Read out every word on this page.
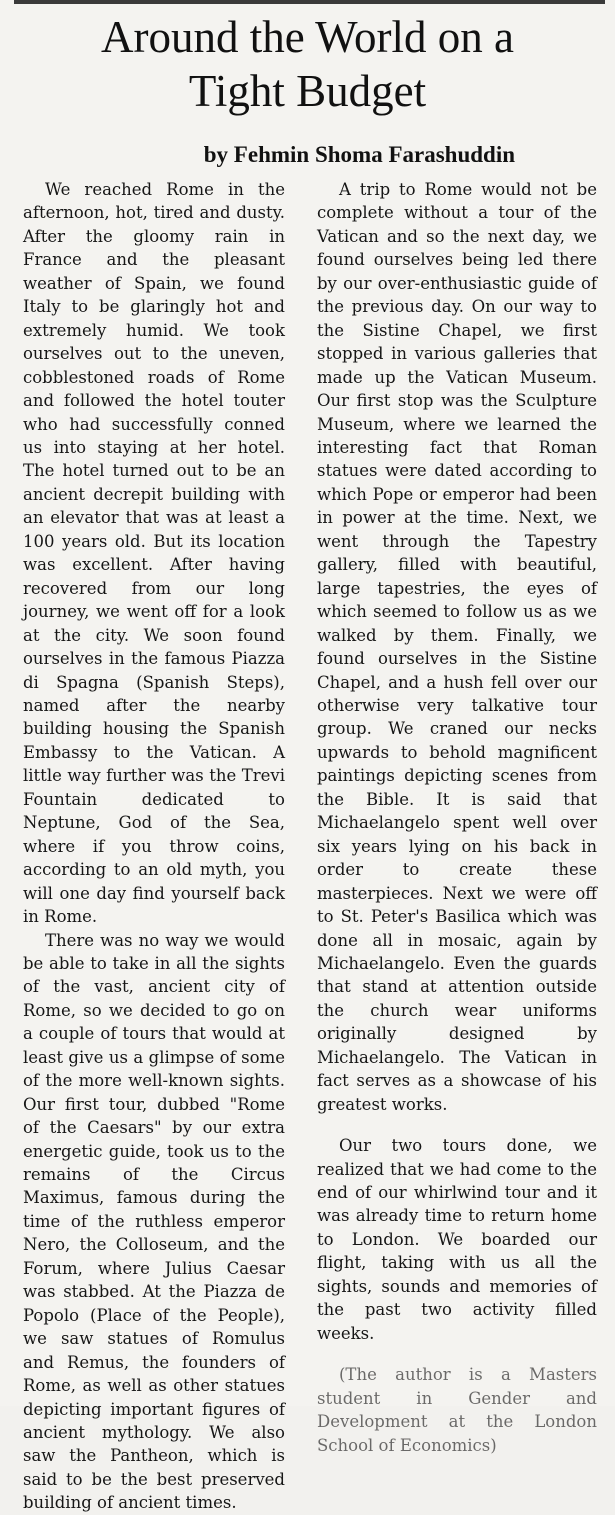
Around the World on a
Tight Budget
by Fehmin Shoma Farashuddin

We reached Rome in the afternoon, hot, tired and dusty. After the gloomy rain in France and the pleasant weather of Spain, we found Italy to be glaringly hot and extremely humid. We took ourselves out to the uneven, cobblestoned roads of Rome and followed the hotel touter who had successfully conned us into staying at her hotel. The hotel turned out to be an ancient decrepit building with an elevator that was at least a 100 years old. But its location was excellent. After having recovered from our long journey, we went off for a look at the city. We soon found ourselves in the famous Piazza di Spagna (Spanish Steps), named after the nearby building housing the Spanish Embassy to the Vatican. A little way further was the Trevi Fountain dedicated to Neptune, God of the Sea, where if you throw coins, according to an old myth, you will one day find yourself back in Rome.

There was no way we would be able to take in all the sights of the vast, ancient city of Rome, so we decided to go on a couple of tours that would at least give us a glimpse of some of the more well-known sights. Our first tour, dubbed "Rome of the Caesars" by our extra energetic guide, took us to the remains of the Circus Maximus, famous during the time of the ruthless emperor Nero, the Colloseum, and the Forum, where Julius Caesar was stabbed. At the Piazza de Popolo (Place of the People), we saw statues of Romulus and Remus, the founders of Rome, as well as other statues depicting important figures of ancient mythology. We also saw the Pantheon, which is said to be the best preserved building of ancient times.

A trip to Rome would not be complete without a tour of the Vatican and so the next day, we found ourselves being led there by our over-enthusiastic guide of the previous day. On our way to the Sistine Chapel, we first stopped in various galleries that made up the Vatican Museum. Our first stop was the Sculpture Museum, where we learned the interesting fact that Roman statues were dated according to which Pope or emperor had been in power at the time. Next, we went through the Tapestry gallery, filled with beautiful, large tapestries, the eyes of which seemed to follow us as we walked by them. Finally, we found ourselves in the Sistine Chapel, and a hush fell over our otherwise very talkative tour group. We craned our necks upwards to behold magnificent paintings depicting scenes from the Bible. It is said that Michaelangelo spent well over six years lying on his back in order to create these masterpieces. Next we were off to St. Peter's Basilica which was done all in mosaic, again by Michaelangelo. Even the guards that stand at attention outside the church wear uniforms originally designed by Michaelangelo. The Vatican in fact serves as a showcase of his greatest works.

Our two tours done, we realized that we had come to the end of our whirlwind tour and it was already time to return home to London. We boarded our flight, taking with us all the sights, sounds and memories of the past two activity filled weeks.

(The author is a Masters student in Gender and Development at the London School of Economics)
